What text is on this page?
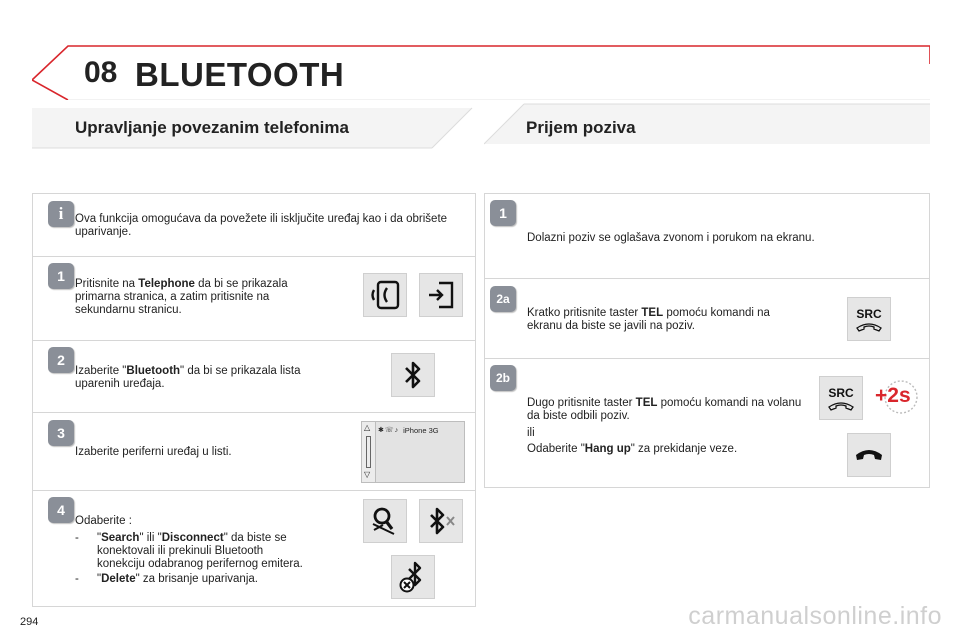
08 BLUETOOTH
Upravljanje povezanim telefonima	Prijem poziva
i	Ova funkcija omogućava da povežete ili isključite uređaj kao i da obrišete uparivanje.
1 Pritisnite na Telephone da bi se prikazala primarna stranica, a zatim pritisnite na sekundarnu stranicu.
2
Izaberite "Bluetooth" da bi se prikazala lista uparenih uređaja.
3
Izaberite periferni uređaj u listi.
△
▽
✱ ☏ ♪ iPhone 3G
4
Odaberite :
- "Search" ili "Disconnect" da biste se konektovali ili prekinuli Bluetooth konekciju odabranog perifernog emitera.
- "Delete" za brisanje uparivanja.
1
Dolazni poziv se oglašava zvonom i porukom na ekranu.
2a
Kratko pritisnite taster TEL pomoću komandi na ekranu da biste se javili na poziv.
SRC
2b
Dugo pritisnite taster TEL pomoću komandi na volanu da biste odbili poziv.
ili
Odaberite "Hang up" za prekidanje veze.
SRC +2s
294	carmanualsonline.info
